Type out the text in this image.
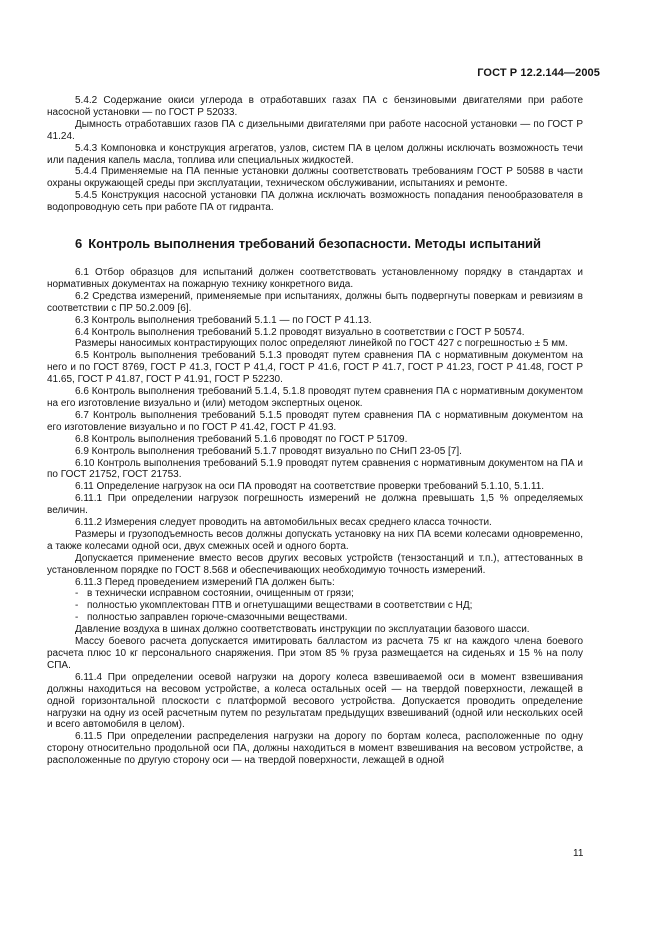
ГОСТ Р 12.2.144—2005

5.4.2 Содержание окиси углерода в отработавших газах ПА с бензиновыми двигателями при работе насосной установки — по ГОСТ Р 52033.

Дымность отработавших газов ПА с дизельными двигателями при работе насосной установки — по ГОСТ Р 41.24.

5.4.3 Компоновка и конструкция агрегатов, узлов, систем ПА в целом должны исключать возможность течи или падения капель масла, топлива или специальных жидкостей.

5.4.4 Применяемые на ПА пенные установки должны соответствовать требованиям ГОСТ Р 50588 в части охраны окружающей среды при эксплуатации, техническом обслуживании, испытаниях и ремонте.

5.4.5 Конструкция насосной установки ПА должна исключать возможность попадания пенообразователя в водопроводную сеть при работе ПА от гидранта.

6 Контроль выполнения требований безопасности. Методы испытаний

6.1 Отбор образцов для испытаний должен соответствовать установленному порядку в стандартах и нормативных документах на пожарную технику конкретного вида.

6.2 Средства измерений, применяемые при испытаниях, должны быть подвергнуты поверкам и ревизиям в соответствии с ПР 50.2.009 [6].

6.3 Контроль выполнения требований 5.1.1 — по ГОСТ Р 41.13.

6.4 Контроль выполнения требований 5.1.2 проводят визуально в соответствии с ГОСТ Р 50574.

Размеры наносимых контрастирующих полос определяют линейкой по ГОСТ 427 с погрешностью ± 5 мм.

6.5 Контроль выполнения требований 5.1.3 проводят путем сравнения ПА с нормативным документом на него и по ГОСТ 8769, ГОСТ Р 41.3, ГОСТ Р 41,4, ГОСТ Р 41.6, ГОСТ Р 41.7, ГОСТ Р 41.23, ГОСТ Р 41.48, ГОСТ Р 41.65, ГОСТ Р 41.87, ГОСТ Р 41.91, ГОСТ Р 52230.

6.6 Контроль выполнения требований 5.1.4, 5.1.8 проводят путем сравнения ПА с нормативным документом на его изготовление визуально и (или) методом экспертных оценок.

6.7 Контроль выполнения требований 5.1.5 проводят путем сравнения ПА с нормативным документом на его изготовление визуально и по ГОСТ Р 41.42, ГОСТ Р 41.93.

6.8 Контроль выполнения требований 5.1.6 проводят по ГОСТ Р 51709.

6.9 Контроль выполнения требований 5.1.7 проводят визуально по СНиП 23-05 [7].

6.10 Контроль выполнения требований 5.1.9 проводят путем сравнения с нормативным документом на ПА и по ГОСТ 21752, ГОСТ 21753.

6.11 Определение нагрузок на оси ПА проводят на соответствие проверки требований 5.1.10, 5.1.11.

6.11.1 При определении нагрузок погрешность измерений не должна превышать 1,5 % определяемых величин.

6.11.2 Измерения следует проводить на автомобильных весах среднего класса точности.

Размеры и грузоподъемность весов должны допускать установку на них ПА всеми колесами одновременно, а также колесами одной оси, двух смежных осей и одного борта.

Допускается применение вместо весов других весовых устройств (тензостанций и т.п.), аттестованных в установленном порядке по ГОСТ 8.568 и обеспечивающих необходимую точность измерений.

6.11.3 Перед проведением измерений ПА должен быть:

- в технически исправном состоянии, очищенным от грязи;
- полностью укомплектован ПТВ и огнетушащими веществами в соответствии с НД;
- полностью заправлен горюче-смазочными веществами.

Давление воздуха в шинах должно соответствовать инструкции по эксплуатации базового шасси.

Массу боевого расчета допускается имитировать балластом из расчета 75 кг на каждого члена боевого расчета плюс 10 кг персонального снаряжения. При этом 85 % груза размещается на сиденьях и 15 % на полу СПА.

6.11.4 При определении осевой нагрузки на дорогу колеса взвешиваемой оси в момент взвешивания должны находиться на весовом устройстве, а колеса остальных осей — на твердой поверхности, лежащей в одной горизонтальной плоскости с платформой весового устройства. Допускается проводить определение нагрузки на одну из осей расчетным путем по результатам предыдущих взвешиваний (одной или нескольких осей и всего автомобиля в целом).

6.11.5 При определении распределения нагрузки на дорогу по бортам колеса, расположенные по одну сторону относительно продольной оси ПА, должны находиться в момент взвешивания на весовом устройстве, а расположенные по другую сторону оси — на твердой поверхности, лежащей в одной

11
